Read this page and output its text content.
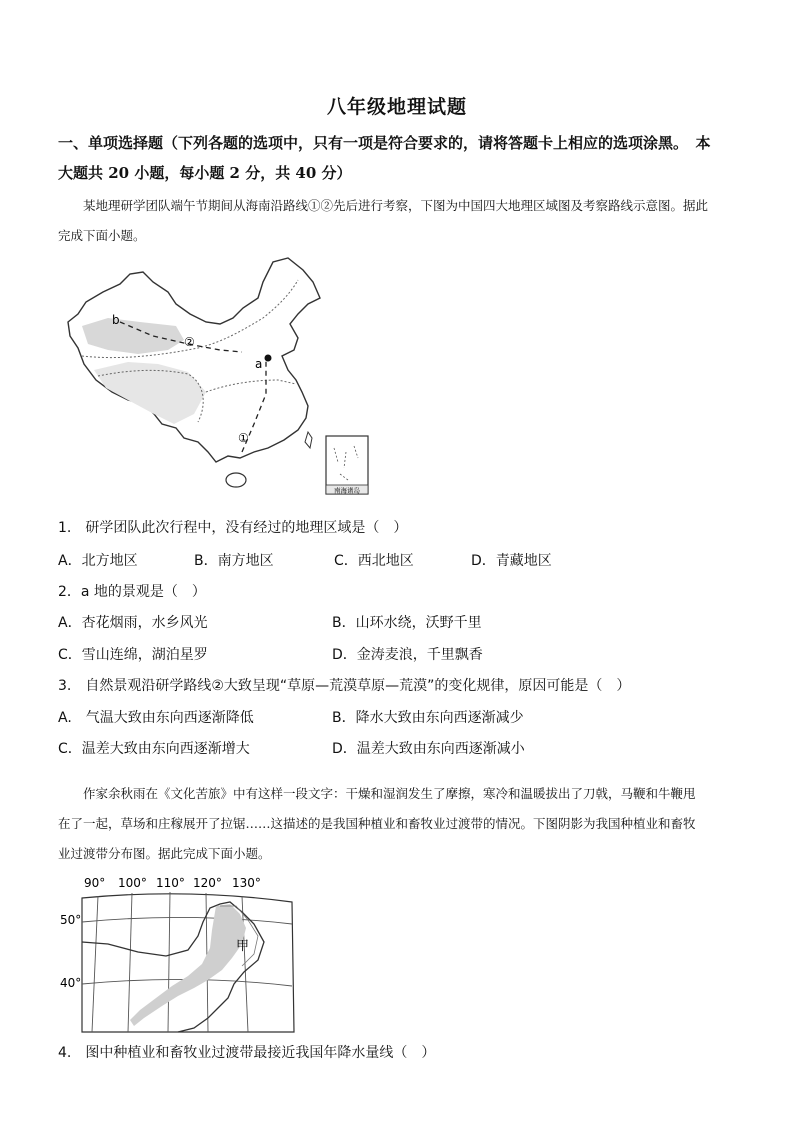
八年级地理试题
一、单项选择题（下列各题的选项中，只有一项是符合要求的，请将答题卡上相应的选项涂黑。　本
大题共 20 小题，每小题 2 分，共 40 分）
某地理研学团队端午节期间从海南沿路线①②先后进行考察，下图为中国四大地理区域图及考察路线示意图。据此
完成下面小题。
b
a
②
①
南海诸岛
1.　研学团队此次行程中，没有经过的地理区域是（　）
A．北方地区	B．南方地区	C．西北地区	D．青藏地区
2．a 地的景观是（　）
A．杏花烟雨，水乡风光	B．山环水绕，沃野千里
C．雪山连绵，湖泊星罗	D．金涛麦浪，千里飘香
3.　自然景观沿研学路线②大致呈现“草原—荒漠草原—荒漠”的变化规律，原因可能是（　）
A.　气温大致由东向西逐渐降低	B．降水大致由东向西逐渐减少
C．温差大致由东向西逐渐增大	D．温差大致由东向西逐渐减小
作家余秋雨在《文化苦旅》中有这样一段文字：干燥和湿润发生了摩擦，寒冷和温暖拔出了刀戟，马鞭和牛鞭甩
在了一起，草场和庄稼展开了拉锯……这描述的是我国种植业和畜牧业过渡带的情况。下图阴影为我国种植业和畜牧
业过渡带分布图。据此完成下面小题。
90° 100° 110° 120° 130°
50°
40°
甲
4.　图中种植业和畜牧业过渡带最接近我国年降水量线（　）
